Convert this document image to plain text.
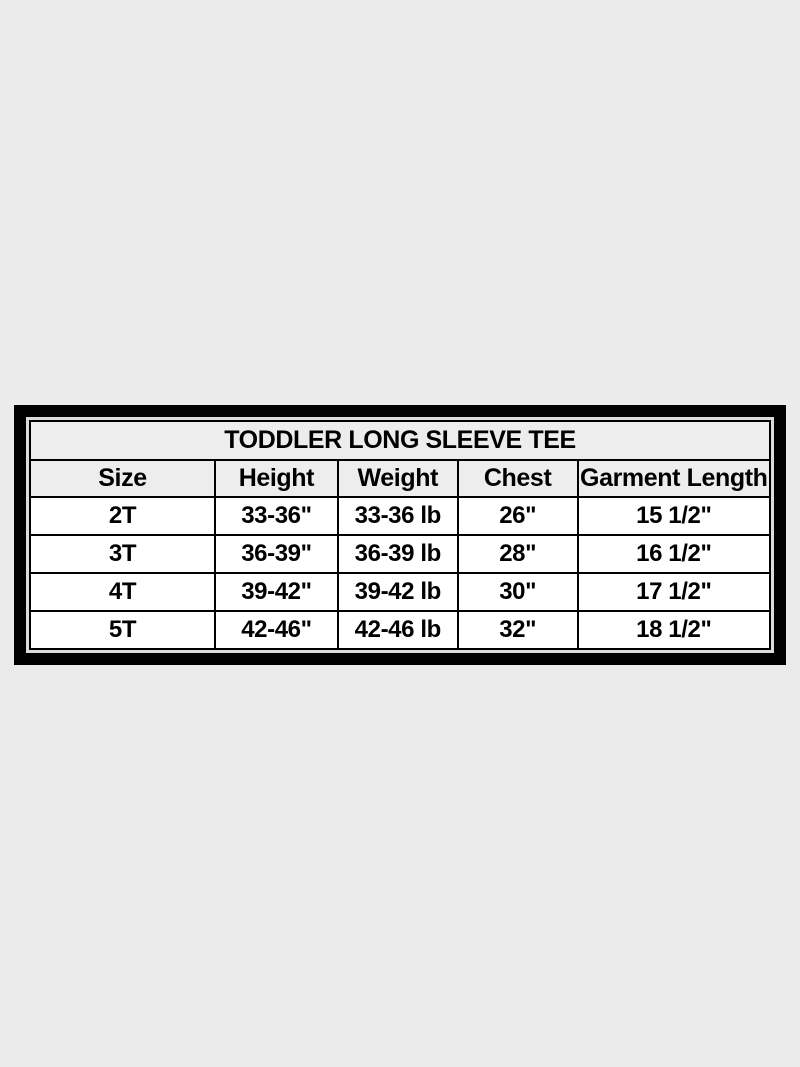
TODDLER LONG SLEEVE TEE				
Size	Height	Weight	Chest	Garment Length
2T	33-36"	33-36 lb	26"	15 1/2"
3T	36-39"	36-39 lb	28"	16 1/2"
4T	39-42"	39-42 lb	30"	17 1/2"
5T	42-46"	42-46 lb	32"	18 1/2"
